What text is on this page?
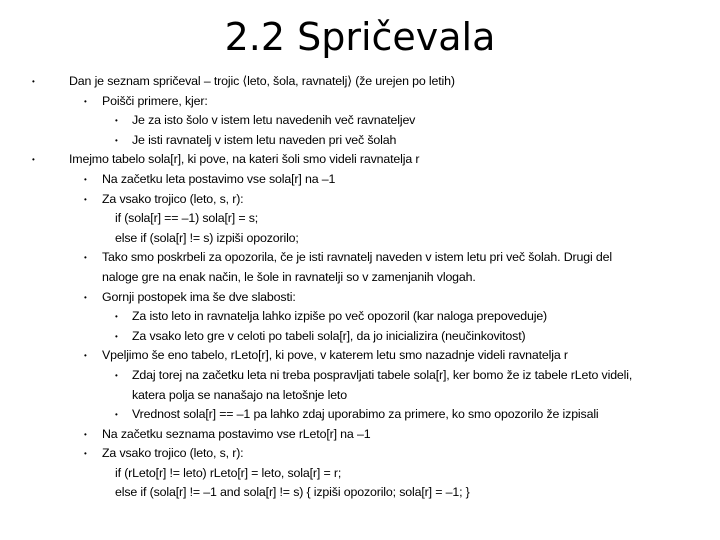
2.2 Spričevala
•	Dan je seznam spričeval – trojic ⟨leto, šola, ravnatelj⟩ (že urejen po letih)
• Poišči primere, kjer:
• Je za isto šolo v istem letu navedenih več ravnateljev
• Je isti ravnatelj v istem letu naveden pri več šolah
•	Imejmo tabelo sola[r], ki pove, na kateri šoli smo videli ravnatelja r
• Na začetku leta postavimo vse sola[r] na –1
• Za vsako trojico (leto, s, r):
if (sola[r] == –1) sola[r] = s;
else if (sola[r] != s) izpiši opozorilo;
• Tako smo poskrbeli za opozorila, če je isti ravnatelj naveden v istem letu pri več šolah. Drugi del
naloge gre na enak način, le šole in ravnatelji so v zamenjanih vlogah.
• Gornji postopek ima še dve slabosti:
• Za isto leto in ravnatelja lahko izpiše po več opozoril (kar naloga prepoveduje)
• Za vsako leto gre v celoti po tabeli sola[r], da jo inicializira (neučinkovitost)
• Vpeljimo še eno tabelo, rLeto[r], ki pove, v katerem letu smo nazadnje videli ravnatelja r
• Zdaj torej na začetku leta ni treba pospravljati tabele sola[r], ker bomo že iz tabele rLeto videli,
katera polja se nanašajo na letošnje leto
• Vrednost sola[r] == –1 pa lahko zdaj uporabimo za primere, ko smo opozorilo že izpisali
• Na začetku seznama postavimo vse rLeto[r] na –1
• Za vsako trojico (leto, s, r):
if (rLeto[r] != leto) rLeto[r] = leto, sola[r] = r;
else if (sola[r] != –1 and sola[r] != s) { izpiši opozorilo; sola[r] = –1; }
